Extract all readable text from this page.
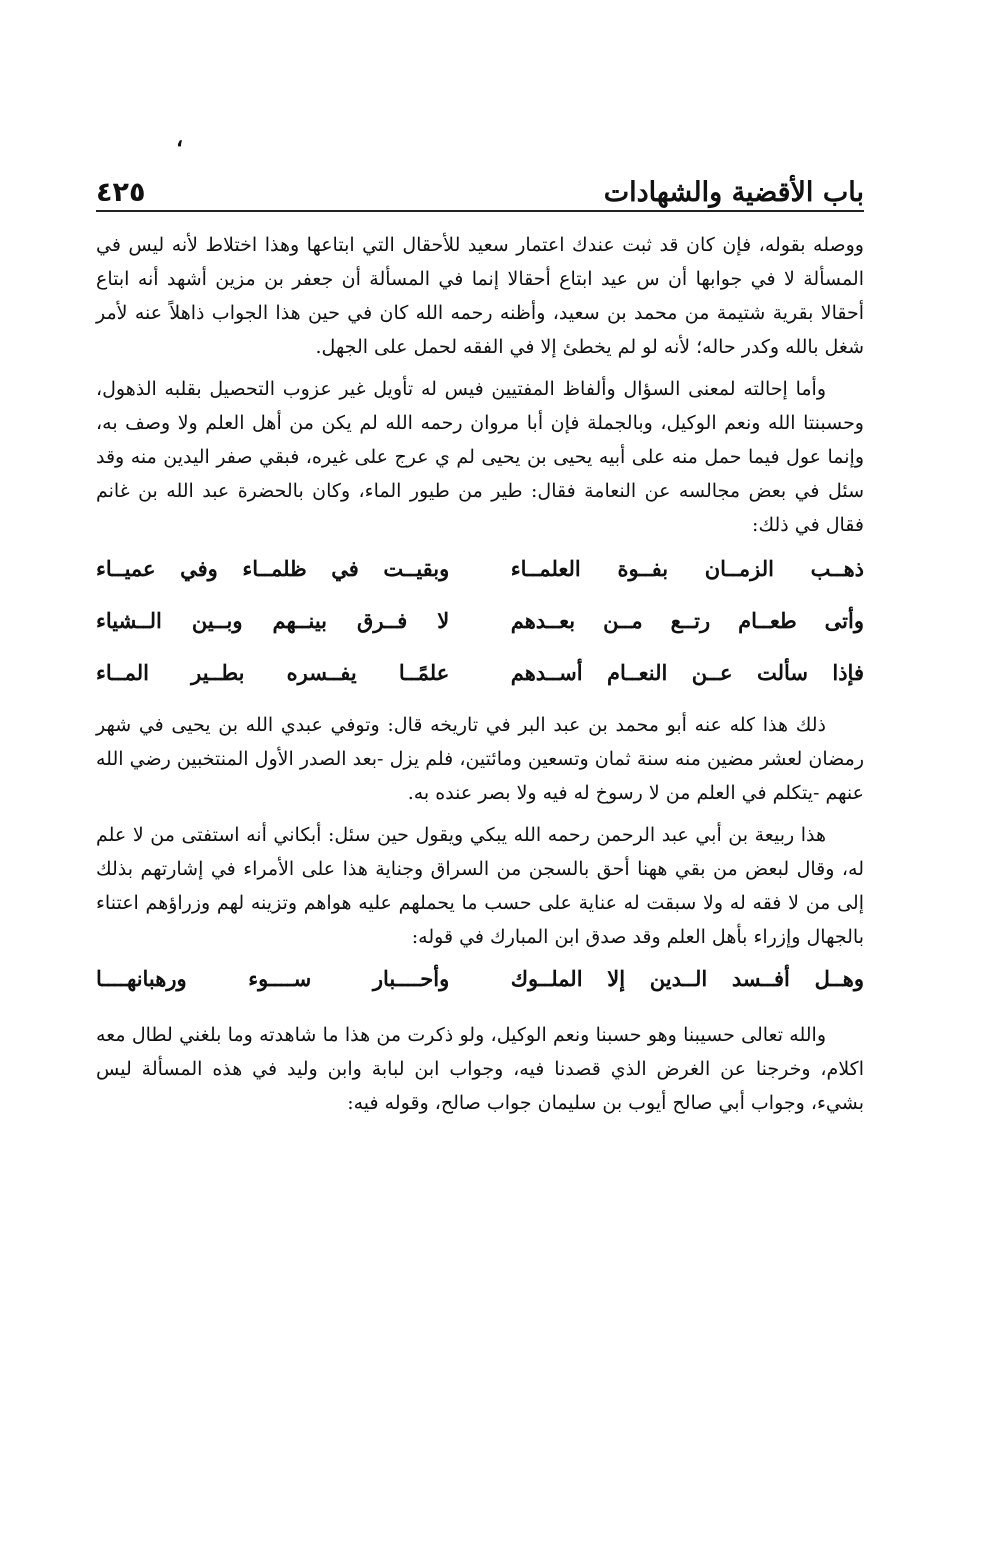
،
باب الأقضية والشهادات
٤٢٥

ووصله بقوله، فإن كان قد ثبت عندك اعتمار سعيد للأحقال التي ابتاعها وهذا اختلاط لأنه ليس في المسألة لا في جوابها أن س عيد ابتاع أحقالا إنما في المسألة أن جعفر بن مزين أشهد أنه ابتاع أحقالا بقرية شتيمة من محمد بن سعيد، وأظنه رحمه الله كان في حين هذا الجواب ذاهلاً عنه لأمر شغل بالله وكدر حاله؛ لأنه لو لم يخطئ إلا في الفقه لحمل على الجهل.

وأما إحالته لمعنى السؤال وألفاظ المفتيين فيس له تأويل غير عزوب التحصيل بقلبه الذهول، وحسبنتا الله ونعم الوكيل، وبالجملة فإن أبا مروان رحمه الله لم يكن من أهل العلم ولا وصف به، وإنما عول فيما حمل منه على أبيه يحيى بن يحيى لم ي عرج على غيره، فبقي صفر اليدين منه وقد سئل في بعض مجالسه عن النعامة فقال: طير من طيور الماء، وكان بالحضرة عبد الله بن غانم فقال في ذلك:

ذهــب الزمــان بفــوة العلمــاء
وبقيــت في ظلمــاء وفي عميــاء
وأتى طعــام رتــع مــن بعــدهم
لا فــرق بينــهم وبــين الــشياء
فإذا سألت عــن النعــام أســدهم
علمًــا يفــسره بطــير المــاء

ذلك هذا كله عنه أبو محمد بن عبد البر في تاريخه قال: وتوفي عبدي الله بن يحيى في شهر رمضان لعشر مضين منه سنة ثمان وتسعين ومائتين، فلم يزل -بعد الصدر الأول المنتخبين رضي الله عنهم -يتكلم في العلم من لا رسوخ له فيه ولا بصر عنده به.

هذا ربيعة بن أبي عبد الرحمن رحمه الله يبكي ويقول حين سئل: أبكاني أنه استفتى من لا علم له، وقال لبعض من بقي ههنا أحق بالسجن من السراق وجناية هذا على الأمراء في إشارتهم بذلك إلى من لا فقه له ولا سبقت له عناية على حسب ما يحملهم عليه هواهم وتزينه لهم وزراؤهم اعتناء بالجهال وإزراء بأهل العلم وقد صدق ابن المبارك في قوله:

وهــل أفــسد الــدين إلا الملــوك
وأحــــبار ســــوء ورهبانهــــا

والله تعالى حسيبنا وهو حسبنا ونعم الوكيل، ولو ذكرت من هذا ما شاهدته وما بلغني لطال معه اكلام، وخرجنا عن الغرض الذي قصدنا فيه، وجواب ابن لبابة وابن وليد في هذه المسألة ليس بشيء، وجواب أبي صالح أيوب بن سليمان جواب صالح، وقوله فيه:
